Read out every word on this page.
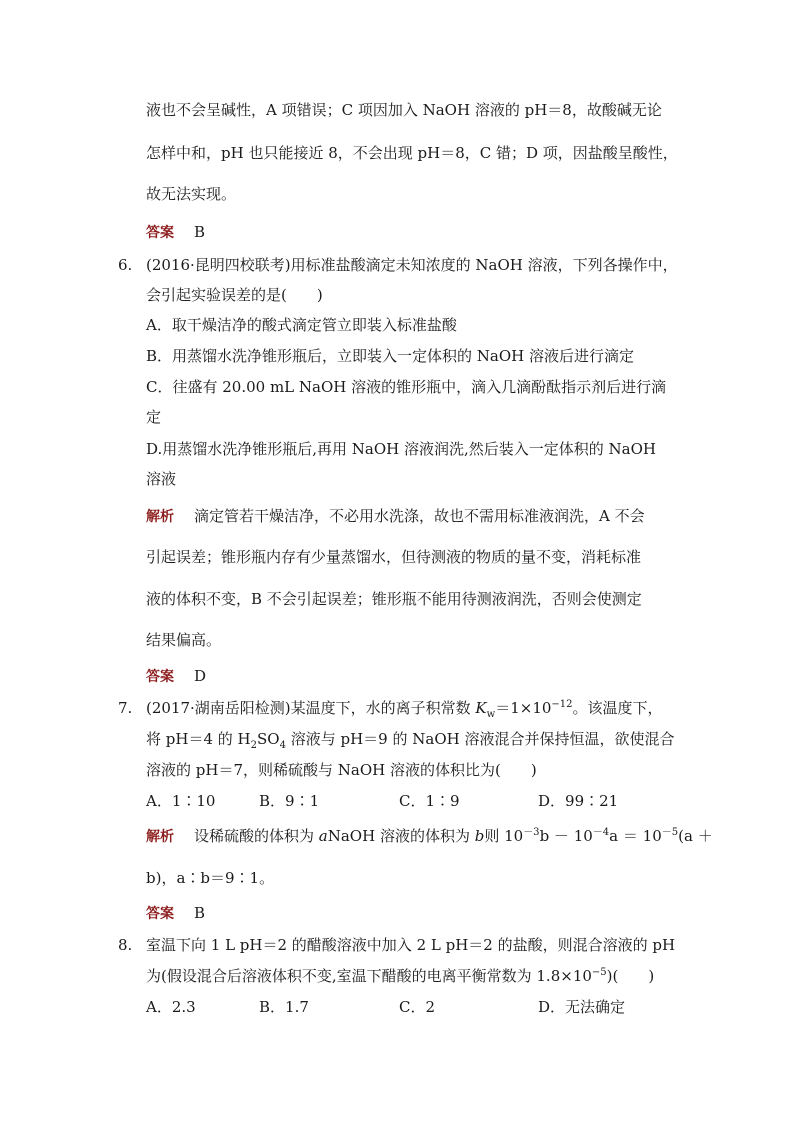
液也不会呈碱性，A 项错误；C 项因加入 NaOH 溶液的 pH＝8，故酸碱无论
怎样中和，pH 也只能接近 8，不会出现 pH＝8，C 错；D 项，因盐酸呈酸性，
故无法实现。
答案 B
6. (2016·昆明四校联考)用标准盐酸滴定未知浓度的 NaOH 溶液，下列各操作中，
会引起实验误差的是(　　)
A．取干燥洁净的酸式滴定管立即装入标准盐酸
B．用蒸馏水洗净锥形瓶后，立即装入一定体积的 NaOH 溶液后进行滴定
C．往盛有 20.00 mL NaOH 溶液的锥形瓶中，滴入几滴酚酞指示剂后进行滴
定
D.用蒸馏水洗净锥形瓶后,再用 NaOH 溶液润洗,然后装入一定体积的 NaOH
溶液
解析 滴定管若干燥洁净，不必用水洗涤，故也不需用标准液润洗，A 不会
引起误差；锥形瓶内存有少量蒸馏水，但待测液的物质的量不变，消耗标准
液的体积不变，B 不会引起误差；锥形瓶不能用待测液润洗，否则会使测定
结果偏高。
答案 D
7. (2017·湖南岳阳检测)某温度下，水的离子积常数 $K_w=1\times 10^{-12}$。该温度下，
将 pH＝4 的 $H_2SO_4$ 溶液与 pH＝9 的 NaOH 溶液混合并保持恒温，欲使混合
溶液的 pH＝7，则稀硫酸与 NaOH 溶液的体积比为(　　)
A．1∶10	B．9∶1	C．1∶9	D．99∶21
解析 设稀硫酸的体积为 aNaOH 溶液的体积为 b则 $10^{-3}b - 10^{-4}a = 10^{-5}(a$ ＋
b)，a∶b＝9∶1。
答案 B
8. 室温下向 1 L pH＝2 的醋酸溶液中加入 2 L pH＝2 的盐酸，则混合溶液的 pH
为(假设混合后溶液体积不变,室温下醋酸的电离平衡常数为 $1.8\times 10^{-5}$)(　　)
A．2.3	B．1.7	C．2	D．无法确定
